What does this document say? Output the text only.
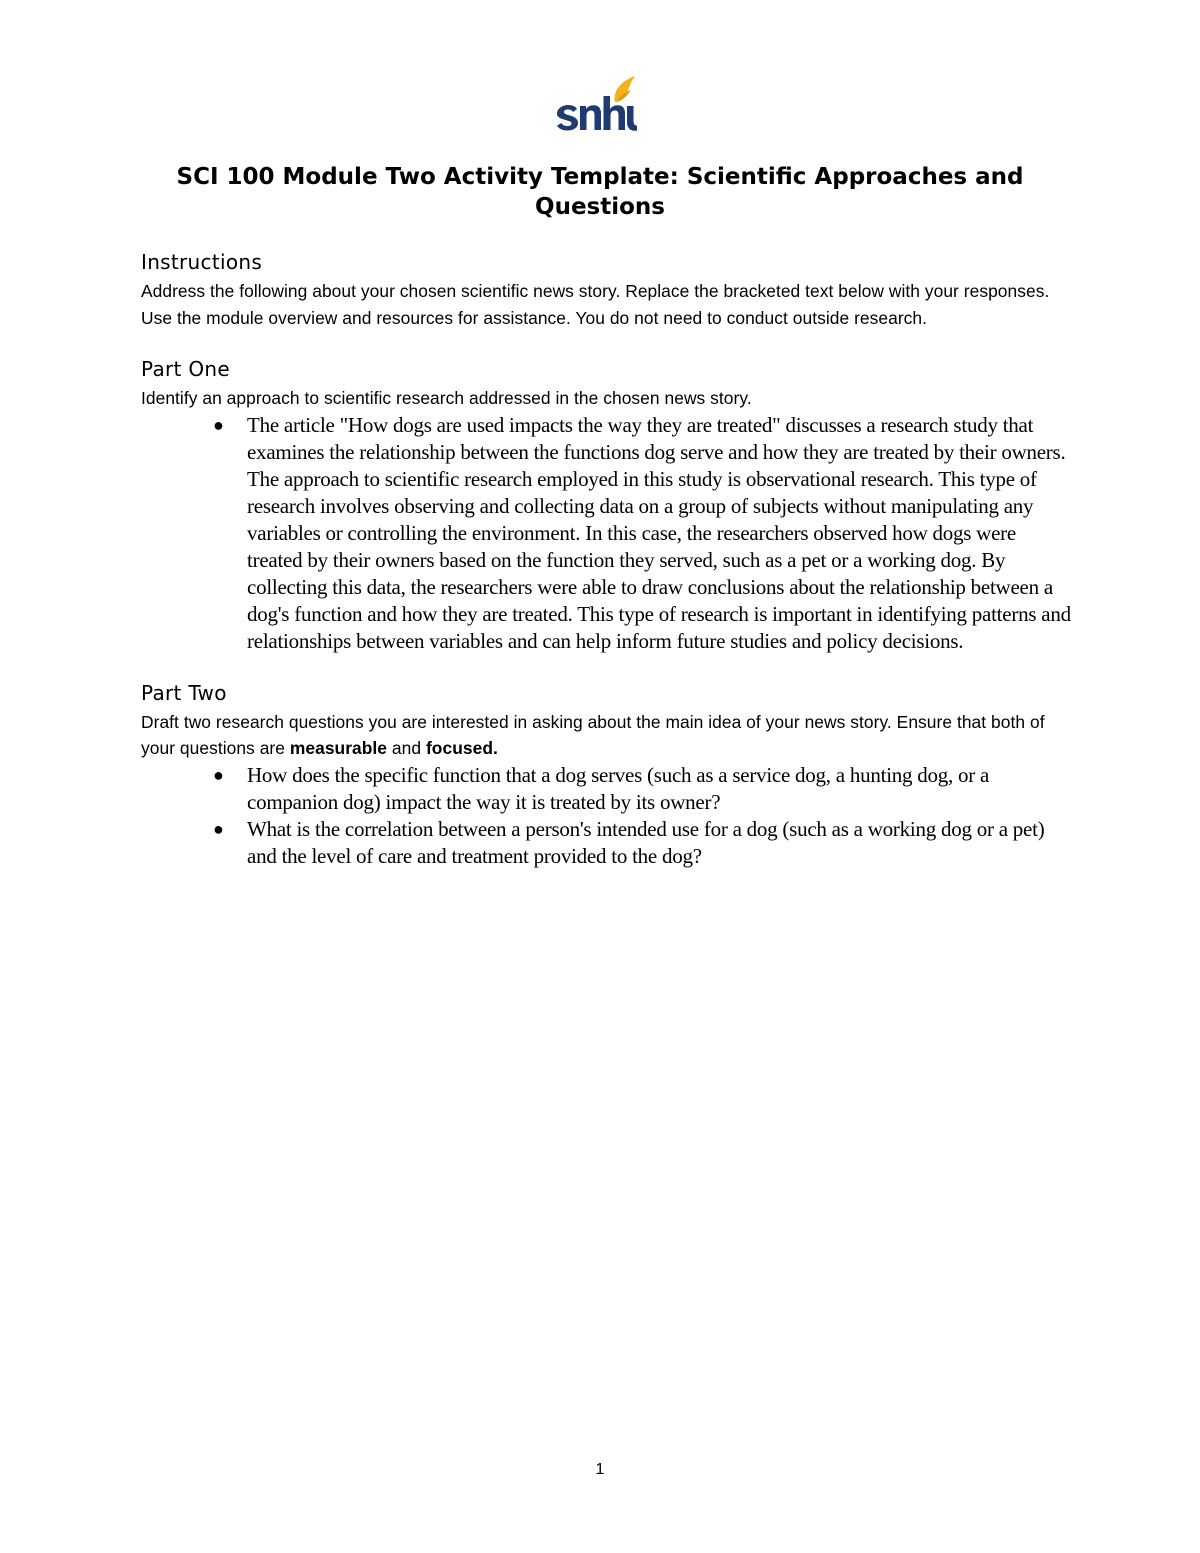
SCI 100 Module Two Activity Template: Scientific Approaches and Questions
Instructions

Address the following about your chosen scientific news story. Replace the bracketed text below with your responses. Use the module overview and resources for assistance. You do not need to conduct outside research.

Part One

Identify an approach to scientific research addressed in the chosen news story.

● The article "How dogs are used impacts the way they are treated" discusses a research study that examines the relationship between the functions dog serve and how they are treated by their owners. The approach to scientific research employed in this study is observational research. This type of research involves observing and collecting data on a group of subjects without manipulating any variables or controlling the environment. In this case, the researchers observed how dogs were treated by their owners based on the function they served, such as a pet or a working dog. By collecting this data, the researchers were able to draw conclusions about the relationship between a dog's function and how they are treated. This type of research is important in identifying patterns and relationships between variables and can help inform future studies and policy decisions.
Part Two

Draft two research questions you are interested in asking about the main idea of your news story. Ensure that both of your questions are measurable and focused.

● How does the specific function that a dog serves (such as a service dog, a hunting dog, or a companion dog) impact the way it is treated by its owner?
● What is the correlation between a person's intended use for a dog (such as a working dog or a pet) and the level of care and treatment provided to the dog?
1
